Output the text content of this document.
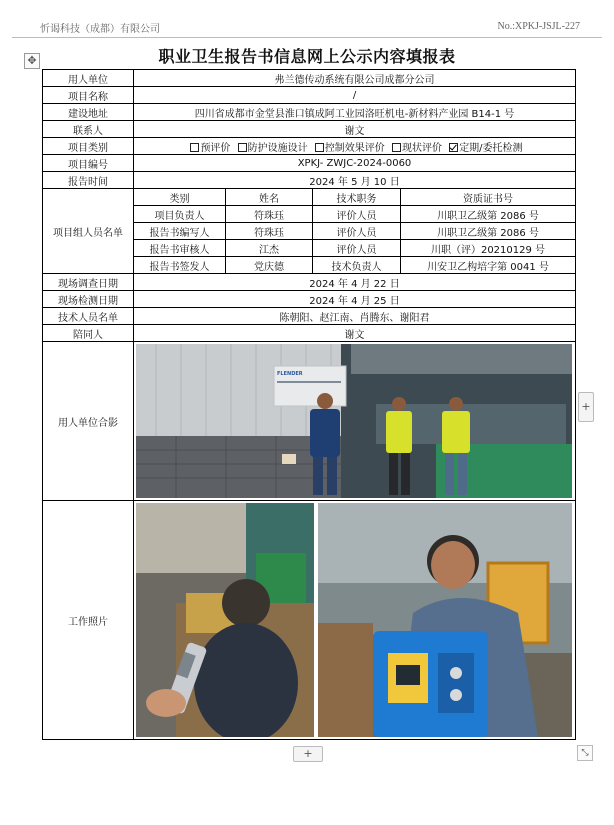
忻谒科技（成都）有限公司	No.:XPKJ-JSJL-227
✥	职业卫生报告书信息网上公示内容填报表
用人单位	弗兰德传动系统有限公司成都分公司			
项目名称	/			
建设地址	四川省成都市金堂县淮口镇成阿工业园洛旺机电-新材料产业园 B14-1 号			
联系人	谢文			
项目类别	预评价 防护设施设计 控制效果评价 现状评价 定期/委托检测			
项目编号	XPKJ- ZWJC-2024-0060			
报告时间	2024 年 5 月 10 日			
项目组人员名单	类别	姓名	技术职务	资质证书号
	项目负责人	符珠珏	评价人员	川职卫乙级第 2086 号
	报告书编写人	符珠珏	评价人员	川职卫乙级第 2086 号
	报告书审核人	江杰	评价人员	川职（评）20210129 号
	报告书签发人	党庆德	技术负责人	川安卫乙构培字第 0041 号
现场调查日期	2024 年 4 月 22 日			
现场检测日期	2024 年 4 月 25 日			
技术人员名单	陈朝阳、赵江南、肖腾东、谢阳君			
陪同人	谢文			
用人单位合影	FLENDER			

工作照片	
+
+	⤡
